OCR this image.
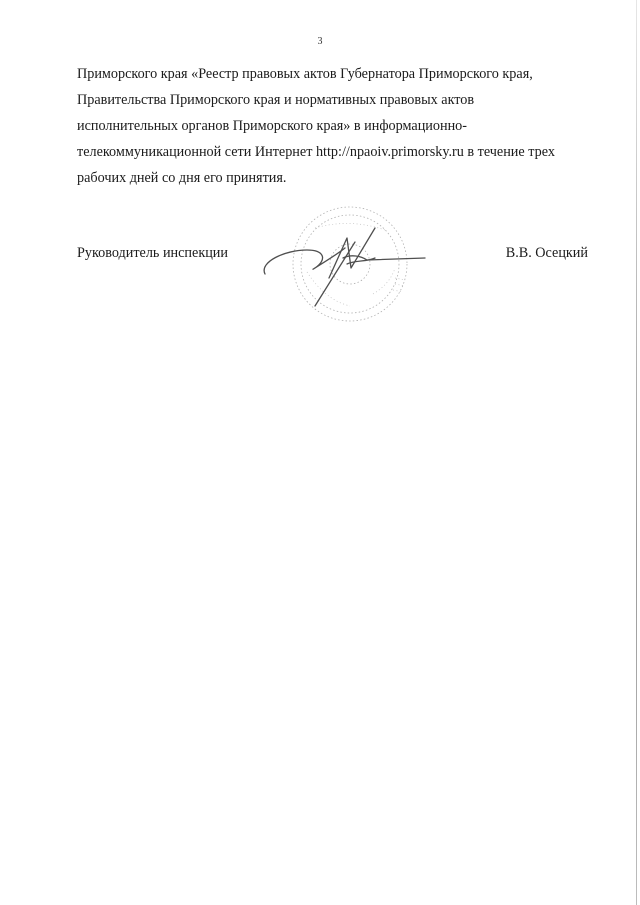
3
Приморского края «Реестр правовых актов Губернатора Приморского края,
Правительства Приморского края и нормативных правовых актов
исполнительных органов Приморского края» в информационно-
телекоммуникационной сети Интернет http://npaoiv.primorsky.ru в течение трех
рабочих дней со дня его принятия.
Руководитель инспекции	В.В. Осецкий
